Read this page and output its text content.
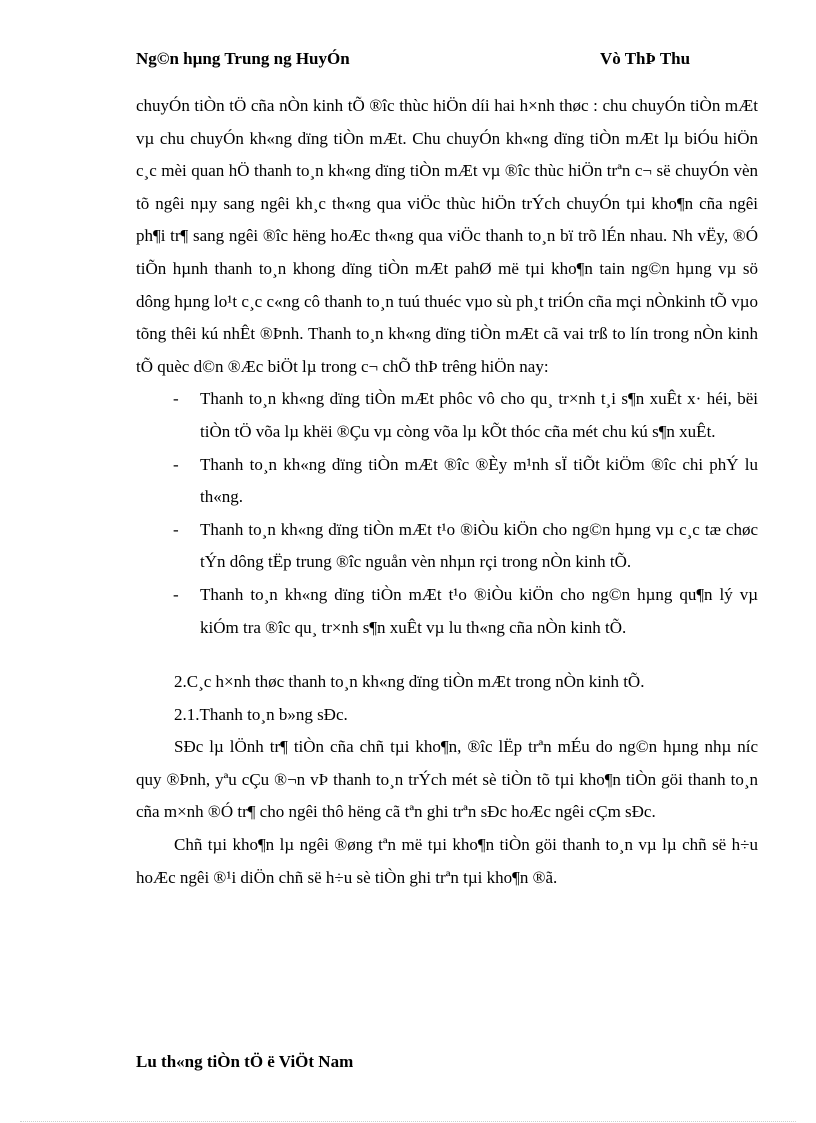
Ng©n hµng Trung ng HuyÓn	Vò ThÞ Thu

chuyÓn tiÒn tÖ cña nÒn kinh tÕ ®îc thùc hiÖn díi hai h×nh thøc : chu chuyÓn tiÒn mÆt vµ chu chuyÓn kh«ng dïng tiÒn mÆt. Chu chuyÓn kh«ng dïng tiÒn mÆt lµ biÓu hiÖn c¸c mèi quan hÖ thanh to¸n kh«ng dïng tiÒn mÆt vµ ®îc thùc hiÖn trªn c¬ së chuyÓn vèn tõ ngêi nµy sang ngêi kh¸c th«ng qua viÖc thùc hiÖn trÝch chuyÓn tµi kho¶n cña ngêi ph¶i tr¶ sang ngêi ®îc hëng hoÆc th«ng qua viÖc thanh to¸n bï trõ lÉn nhau. Nh vËy, ®Ó tiÕn hµnh thanh to¸n khong dïng tiÒn mÆt pahØ më tµi kho¶n tain ng©n hµng vµ sö dông hµng lo¹t c¸c c«ng cô thanh to¸n tuú thuéc vµo sù ph¸t triÓn cña mçi nÒnkinh tÕ vµo tõng thêi kú nhÊt ®Þnh. Thanh to¸n kh«ng dïng tiÒn mÆt cã vai trß to lín trong nÒn kinh tÕ quèc d©n ®Æc biÖt lµ trong c¬ chÕ thÞ trêng hiÖn nay:

- Thanh to¸n kh«ng dïng tiÒn mÆt phôc vô cho qu¸ tr×nh t¸i s¶n xuÊt x· héi, bëi tiÒn tÖ võa lµ khëi ®Çu vµ còng võa lµ kÕt thóc cña mét chu kú s¶n xuÊt.
- Thanh to¸n kh«ng dïng tiÒn mÆt ®îc ®Èy m¹nh sÏ tiÕt kiÖm ®îc chi phÝ lu th«ng.
- Thanh to¸n kh«ng dïng tiÒn mÆt t¹o ®iÒu kiÖn cho ng©n hµng vµ c¸c tæ chøc tÝn dông tËp trung ®îc nguån vèn nhµn rçi trong nÒn kinh tÕ.
- Thanh to¸n kh«ng dïng tiÒn mÆt t¹o ®iÒu kiÖn cho ng©n hµng qu¶n lý vµ kiÓm tra ®îc qu¸ tr×nh s¶n xuÊt vµ lu th«ng cña nÒn kinh tÕ.

2.C¸c h×nh thøc thanh to¸n kh«ng dïng tiÒn mÆt trong nÒn kinh tÕ.

2.1.Thanh to¸n b»ng sÐc.

SÐc lµ lÖnh tr¶ tiÒn cña chñ tµi kho¶n, ®îc lËp trªn mÉu do ng©n hµng nhµ níc quy ®Þnh, yªu cÇu ®¬n vÞ thanh to¸n trÝch mét sè tiÒn tõ tµi kho¶n tiÒn göi thanh to¸n cña m×nh ®Ó tr¶ cho ngêi thô hëng cã tªn ghi trªn sÐc hoÆc ngêi cÇm sÐc.

Chñ tµi kho¶n lµ ngêi ®øng tªn më tµi kho¶n tiÒn göi thanh to¸n vµ lµ chñ së h÷u hoÆc ngêi ®¹i diÖn chñ së h÷u sè tiÒn ghi trªn tµi kho¶n ®ã.

Lu th«ng tiÒn tÖ ë ViÖt Nam
